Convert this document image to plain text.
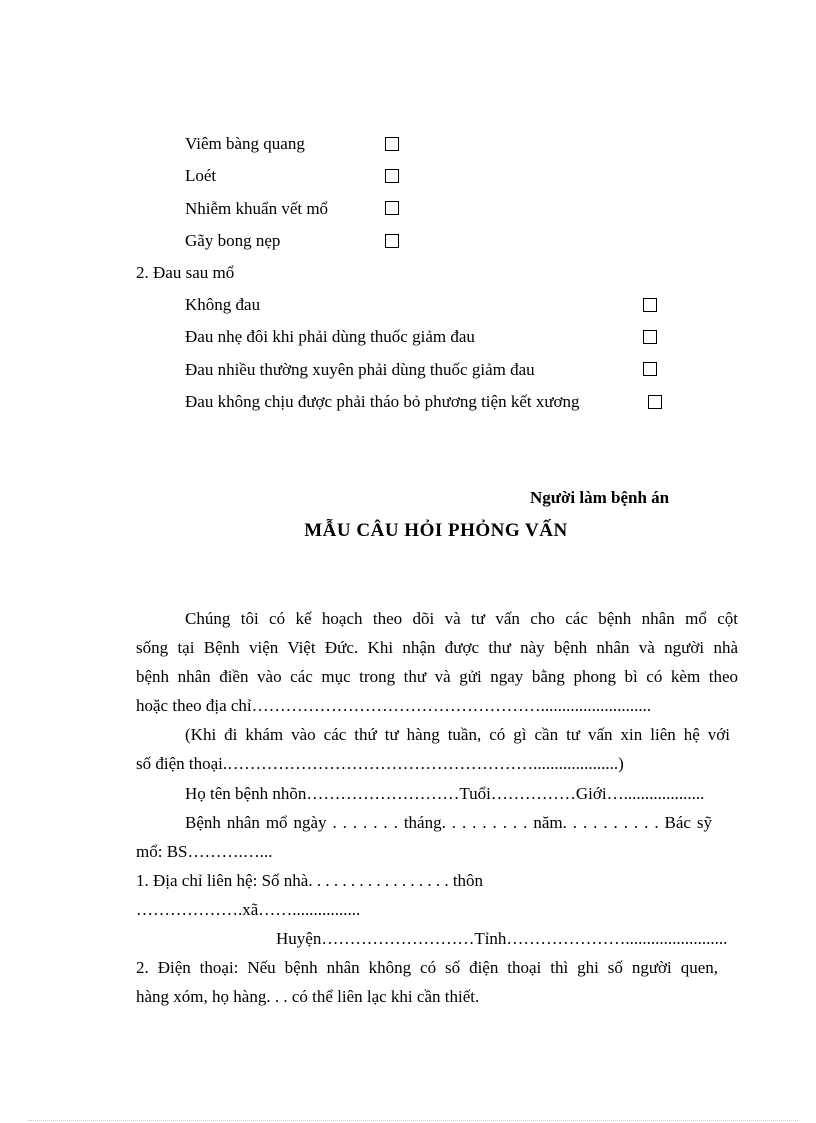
Viêm bàng quang
Loét
Nhiễm khuẩn vết mổ
Gãy bong nẹp
2. Đau sau mổ
Không đau
Đau nhẹ đôi khi phải dùng thuốc giảm đau
Đau nhiều thường xuyên phải dùng thuốc giảm đau
Đau không chịu được phải tháo bỏ phương tiện kết xương
Người làm bệnh án
MẪU CÂU HỎI PHỎNG VẤN
Chúng tôi có kế hoạch theo dõi và tư vấn cho các bệnh nhân mổ cột
sống tại Bệnh viện Việt Đức. Khi nhận được thư này bệnh nhân và người nhà
bệnh nhân điền vào các mục trong thư và gửi ngay bằng phong bì có kèm theo
hoặc theo địa chỉ……………………………………………..........................
(Khi đi khám vào các thứ tư hàng tuần, có gì cần tư vấn xin liên hệ với
số điện thoại.………………………………………………....................)
Họ tên bệnh nhõn………………………Tuổi……………Giới…...................
Bệnh nhân mổ ngày . . . . . . . tháng. . . . . . . . . năm. . . . . . . . . . Bác sỹ
mổ: BS……….…...
1. Địa chỉ liên hệ: Số nhà. . . . . . . . . . . . . . . . . thôn
……………….xã……................
Huyện………………………Tỉnh…………………........................
2. Điện thoại: Nếu bệnh nhân không có số điện thoại thì ghi số người quen,
hàng xóm, họ hàng. . . có thể liên lạc khi cần thiết.
